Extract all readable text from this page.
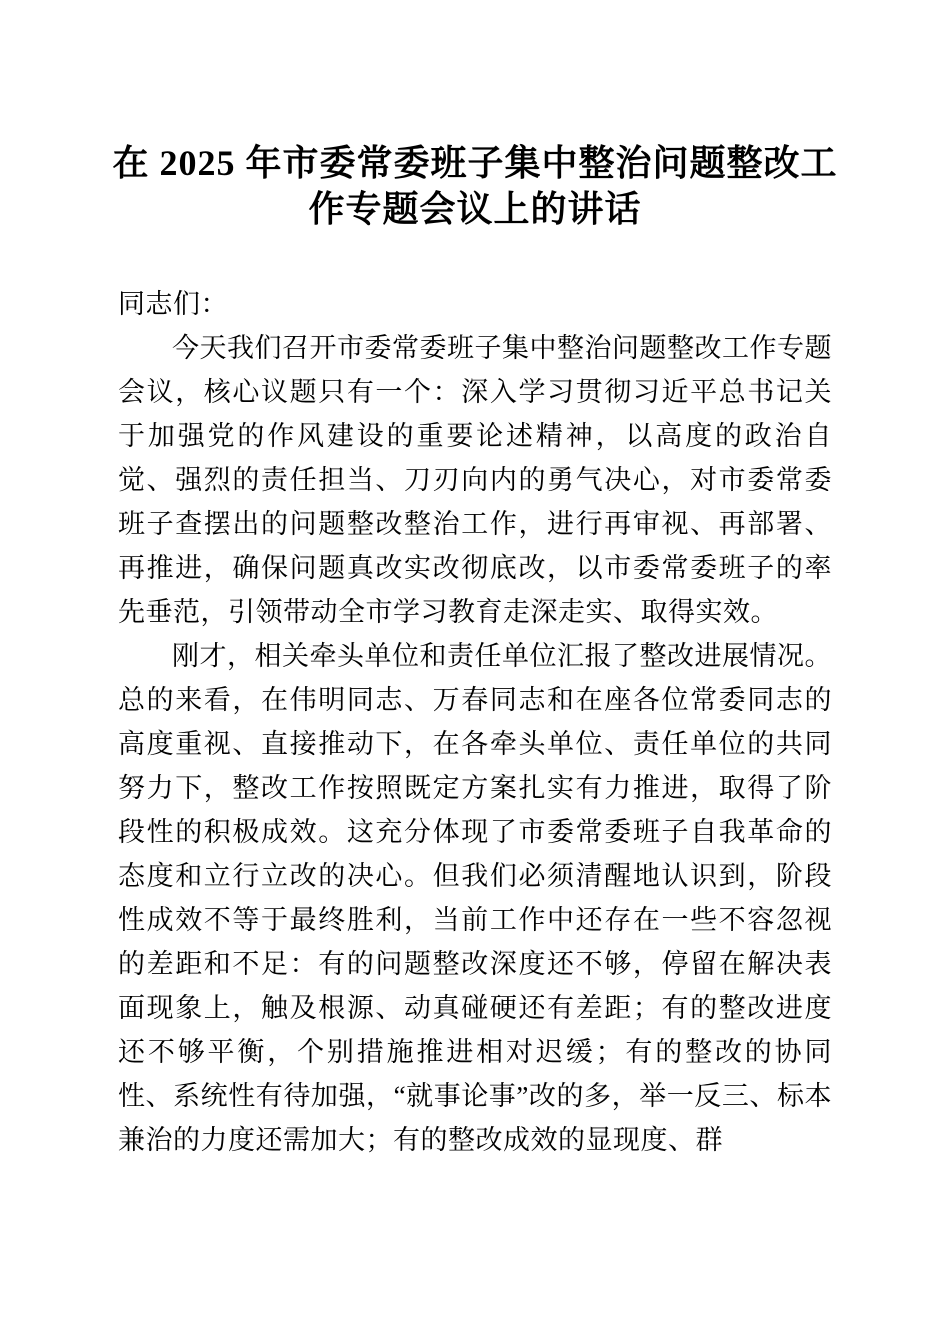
在 2025 年市委常委班子集中整治问题整改工
作专题会议上的讲话

同志们：

今天我们召开市委常委班子集中整治问题整改工作专题会议，核心议题只有一个：深入学习贯彻习近平总书记关于加强党的作风建设的重要论述精神，以高度的政治自觉、强烈的责任担当、刀刃向内的勇气决心，对市委常委班子查摆出的问题整改整治工作，进行再审视、再部署、再推进，确保问题真改实改彻底改，以市委常委班子的率先垂范，引领带动全市学习教育走深走实、取得实效。

刚才，相关牵头单位和责任单位汇报了整改进展情况。总的来看，在伟明同志、万春同志和在座各位常委同志的高度重视、直接推动下，在各牵头单位、责任单位的共同努力下，整改工作按照既定方案扎实有力推进，取得了阶段性的积极成效。这充分体现了市委常委班子自我革命的态度和立行立改的决心。但我们必须清醒地认识到，阶段性成效不等于最终胜利，当前工作中还存在一些不容忽视的差距和不足：有的问题整改深度还不够，停留在解决表面现象上，触及根源、动真碰硬还有差距；有的整改进度还不够平衡，个别措施推进相对迟缓；有的整改的协同性、系统性有待加强，“就事论事”改的多，举一反三、标本兼治的力度还需加大；有的整改成效的显现度、群
